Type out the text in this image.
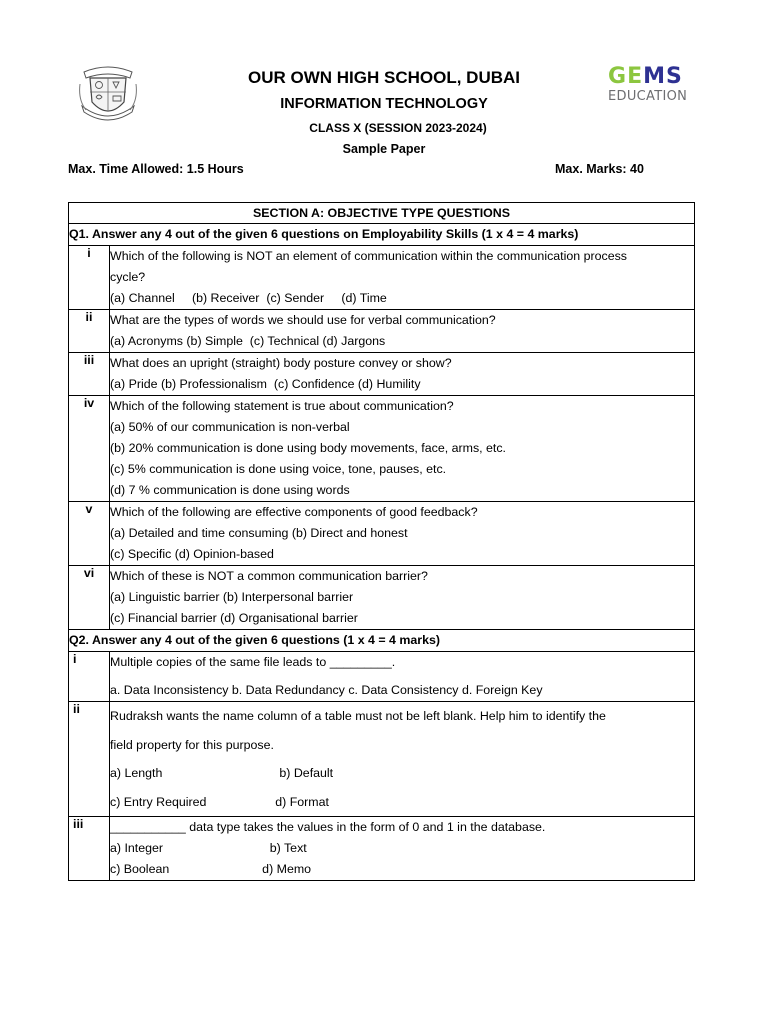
GEMS
EDUCATION
OUR OWN HIGH SCHOOL, DUBAI
INFORMATION TECHNOLOGY
CLASS X (SESSION 2023-2024)
Sample Paper
Max. Time Allowed: 1.5 Hours	Max. Marks: 40
SECTION A: OBJECTIVE TYPE QUESTIONS	
Q1. Answer any 4 out of the given 6 questions on Employability Skills (1 x 4 = 4 marks)	
i	Which of the following is NOT an element of communication within the communication process
cycle?
(a) Channel     (b) Receiver  (c) Sender     (d) Time

ii	What are the types of words we should use for verbal communication?
(a) Acronyms (b) Simple  (c) Technical (d) Jargons

iii	What does an upright (straight) body posture convey or show?
(a) Pride (b) Professionalism  (c) Confidence (d) Humility

iv	Which of the following statement is true about communication?
(a) 50% of our communication is non-verbal
(b) 20% communication is done using body movements, face, arms, etc.
(c) 5% communication is done using voice, tone, pauses, etc.
(d) 7 % communication is done using words

v	Which of the following are effective components of good feedback?
(a) Detailed and time consuming (b) Direct and honest
(c) Specific (d) Opinion-based

vi	Which of these is NOT a common communication barrier?
(a) Linguistic barrier (b) Interpersonal barrier
(c) Financial barrier (d) Organisational barrier

Q2. Answer any 4 out of the given 6 questions (1 x 4 = 4 marks)	
i	Multiple copies of the same file leads to _________.
a. Data Inconsistency b. Data Redundancy c. Data Consistency d. Foreign Key

ii	Rudraksh wants the name column of a table must not be left blank. Help him to identify the
field property for this purpose.
a) Length                                  b) Default
c) Entry Required                    d) Format

iii	___________ data type takes the values in the form of 0 and 1 in the database.
a) Integer                               b) Text
c) Boolean                           d) Memo
